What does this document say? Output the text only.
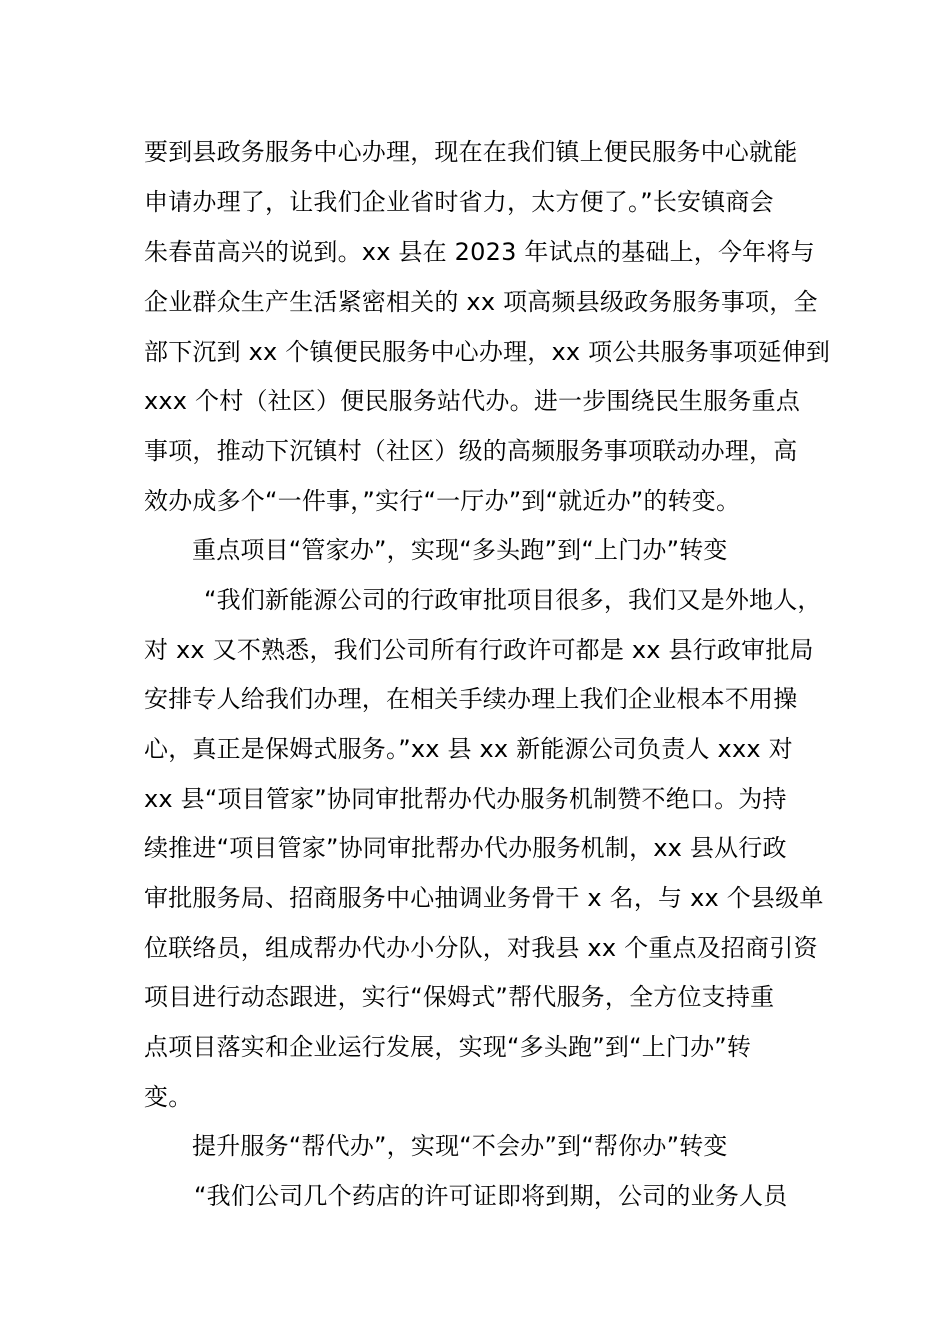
要到县政务服务中心办理，现在在我们镇上便民服务中心就能
申请办理了，让我们企业省时省力，太方便了。”长安镇商会
朱春苗高兴的说到。xx 县在 2023 年试点的基础上，今年将与
企业群众生产生活紧密相关的 xx 项高频县级政务服务事项，全
部下沉到 xx 个镇便民服务中心办理，xx 项公共服务事项延伸到
xxx 个村（社区）便民服务站代办。进一步围绕民生服务重点
事项，推动下沉镇村（社区）级的高频服务事项联动办理，高
效办成多个“一件事，”实行“一厅办”到“就近办”的转变。
重点项目“管家办”，实现“多头跑”到“上门办”转变
“我们新能源公司的行政审批项目很多，我们又是外地人，
对 xx 又不熟悉，我们公司所有行政许可都是 xx 县行政审批局
安排专人给我们办理，在相关手续办理上我们企业根本不用操
心，真正是保姆式服务。”xx 县 xx 新能源公司负责人 xxx 对
xx 县“项目管家”协同审批帮办代办服务机制赞不绝口。为持
续推进“项目管家”协同审批帮办代办服务机制，xx 县从行政
审批服务局、招商服务中心抽调业务骨干 x 名，与 xx 个县级单
位联络员，组成帮办代办小分队，对我县 xx 个重点及招商引资
项目进行动态跟进，实行“保姆式”帮代服务，全方位支持重
点项目落实和企业运行发展，实现“多头跑”到“上门办”转
变。
提升服务“帮代办”，实现“不会办”到“帮你办”转变
“我们公司几个药店的许可证即将到期，公司的业务人员
